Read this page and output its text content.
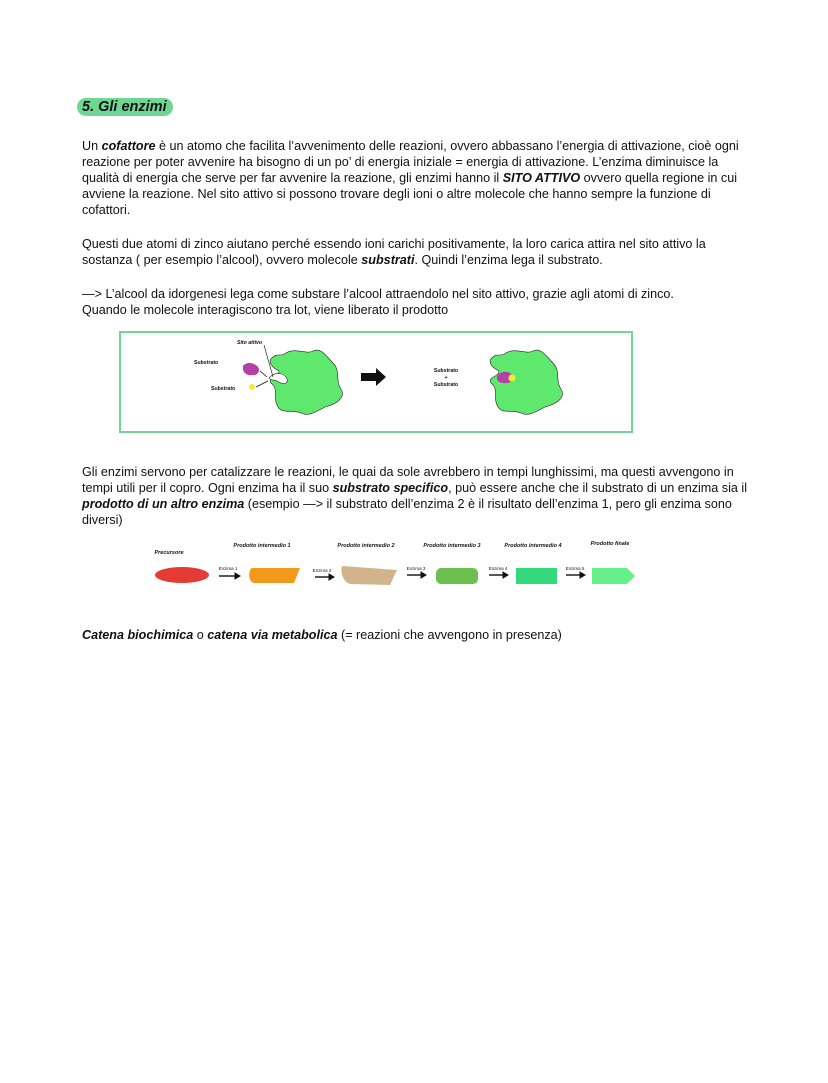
5. Gli enzimi

Un cofattore è un atomo che facilita l’avvenimento delle reazioni, ovvero abbassano l’energia di attivazione, cioè ogni reazione per poter avvenire ha bisogno di un po’ di energia iniziale = energia di attivazione. L’enzima diminuisce la qualità di energia che serve per far avvenire la reazione, gli enzimi hanno il SITO ATTIVO ovvero quella regione in cui avviene la reazione. Nel sito attivo si possono trovare degli ioni o altre molecole che hanno sempre la funzione di cofattori.

Questi due atomi di zinco aiutano perché essendo ioni carichi positivamente, la loro carica attira nel sito attivo la sostanza ( per esempio l’alcool), ovvero molecole substrati. Quindi l’enzima lega il substrato.

—> L’alcool da idorgenesi lega come substare l’alcool attraendolo nel sito attivo, grazie agli atomi di zinco.
Quando le molecole interagiscono tra lot, viene liberato il prodotto

Sito attivo
Substrato
Substrato
Substrato
+
Substrato

Gli enzimi servono per catalizzare le reazioni, le quai da sole avrebbero in tempi lunghissimi, ma questi avvengono in tempi utili per il copro. Ogni enzima ha il suo substrato specifico, può essere anche che il substrato di un enzima sia il prodotto di un altro enzima (esempio —> il substrato dell’enzima 2 è il risultato dell’enzima 1, pero gli enzima sono diversi)

Precursore
Prodotto intermedio 1	Prodotto intermedio 2	Prodotto intermedio 3	Prodotto intermedio 4	Prodotto finale
Enzima 1	Enzima 2	Enzima 3	Enzima 4	Enzima 5

Catena biochimica o catena via metabolica (= reazioni che avvengono in presenza)
